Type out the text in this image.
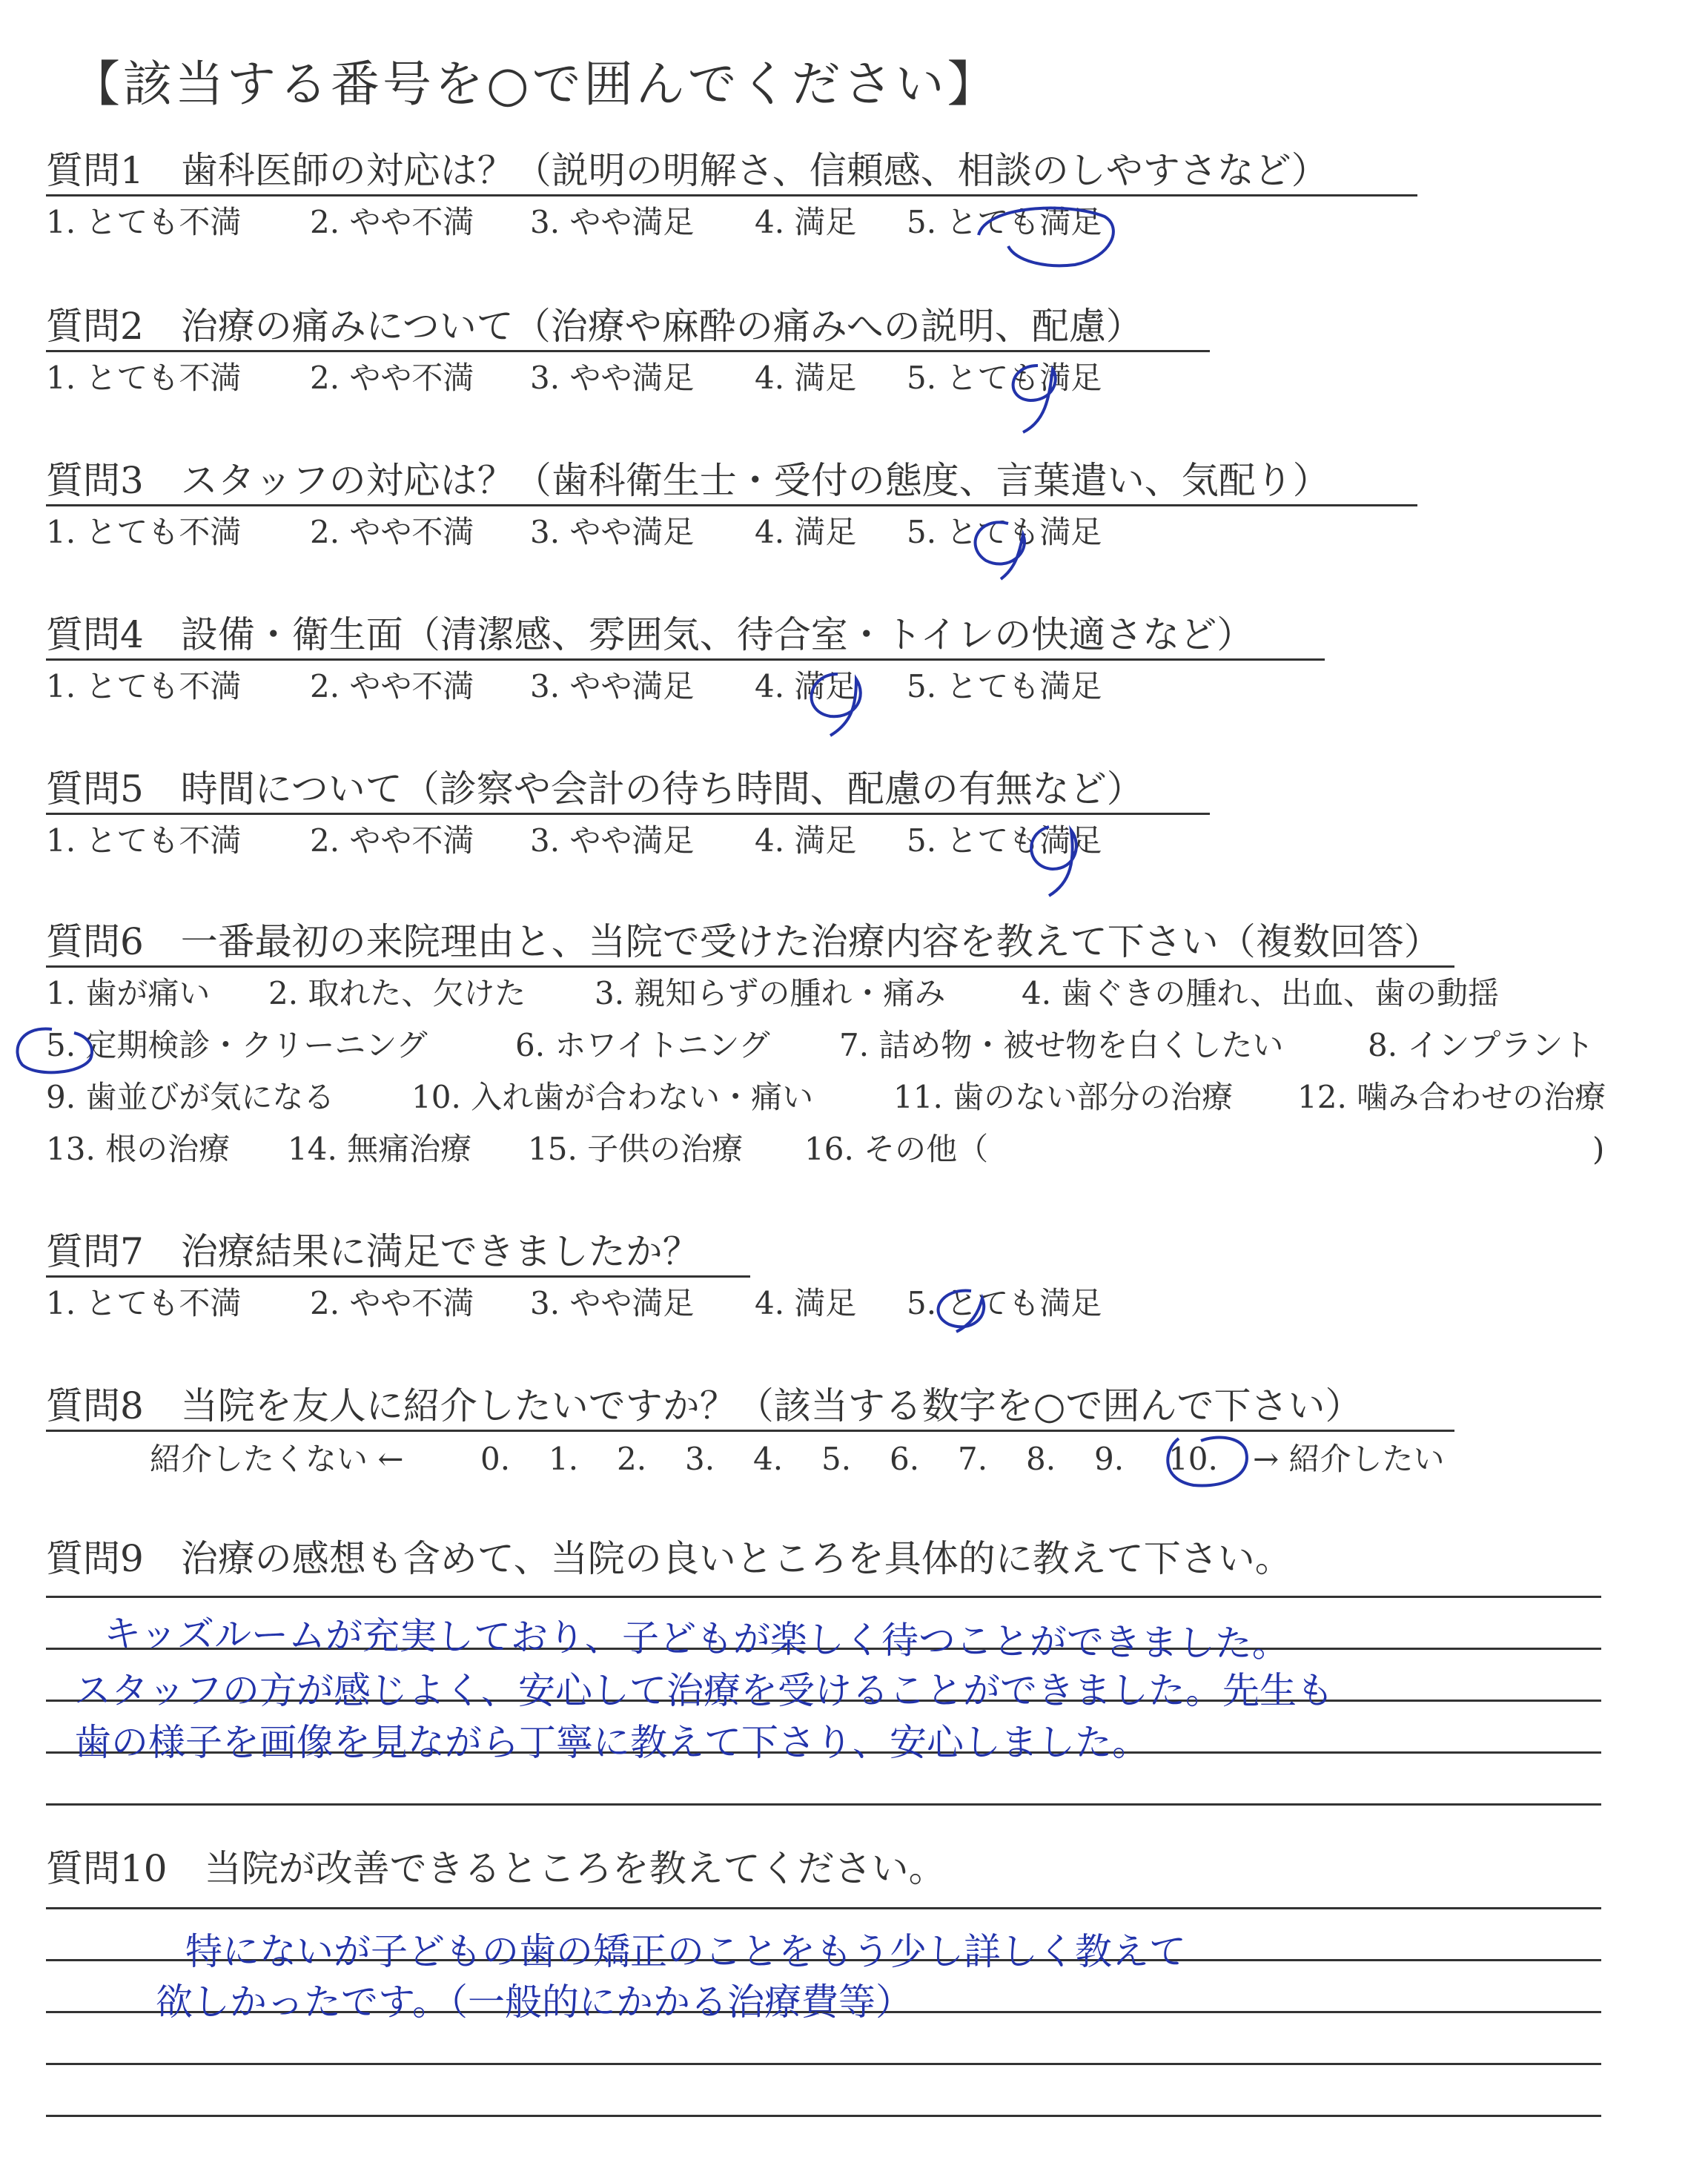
【該当する番号を○で囲んでください】
質問1　歯科医師の対応は？（説明の明解さ、信頼感、相談のしやすさなど）
1. とても不満 2. やや不満 3. やや満足 4. 満足 5. とても満足
質問2　治療の痛みについて（治療や麻酔の痛みへの説明、配慮）
1. とても不満 2. やや不満 3. やや満足 4. 満足 5. とても満足
質問3　スタッフの対応は？（歯科衛生士・受付の態度、言葉遣い、気配り）
1. とても不満 2. やや不満 3. やや満足 4. 満足 5. とても満足
質問4　設備・衛生面（清潔感、雰囲気、待合室・トイレの快適さなど）
1. とても不満 2. やや不満 3. やや満足 4. 満足 5. とても満足
質問5　時間について（診察や会計の待ち時間、配慮の有無など）
1. とても不満 2. やや不満 3. やや満足 4. 満足 5. とても満足
質問6　一番最初の来院理由と、当院で受けた治療内容を教えて下さい（複数回答）
1. 歯が痛い 2. 取れた、欠けた 3. 親知らずの腫れ・痛み 4. 歯ぐきの腫れ、出血、歯の動揺
5. 定期検診・クリーニング	6. ホワイトニング 7. 詰め物・被せ物を白くしたい	8. インプラント
9. 歯並びが気になる 10. 入れ歯が合わない・痛い	11. 歯のない部分の治療 12. 噛み合わせの治療
13. 根の治療 14. 無痛治療 15. 子供の治療 16. その他（	)
質問7　治療結果に満足できましたか？
1. とても不満 2. やや不満 3. やや満足 4. 満足 5. とても満足
質問8　当院を友人に紹介したいですか？（該当する数字を○で囲んで下さい）
紹介したくない ← 0. 1. 2. 3. 4. 5. 6. 7. 8. 9. 10. → 紹介したい
質問9　治療の感想も含めて、当院の良いところを具体的に教えて下さい。
キッズルームが充実しており、子どもが楽しく待つことができました。
スタッフの方が感じよく、安心して治療を受けることができました。先生も
歯の様子を画像を見ながら丁寧に教えて下さり、安心しました。
質問10　当院が改善できるところを教えてください。
特にないが子どもの歯の矯正のことをもう少し詳しく教えて
欲しかったです。（一般的にかかる治療費等）
